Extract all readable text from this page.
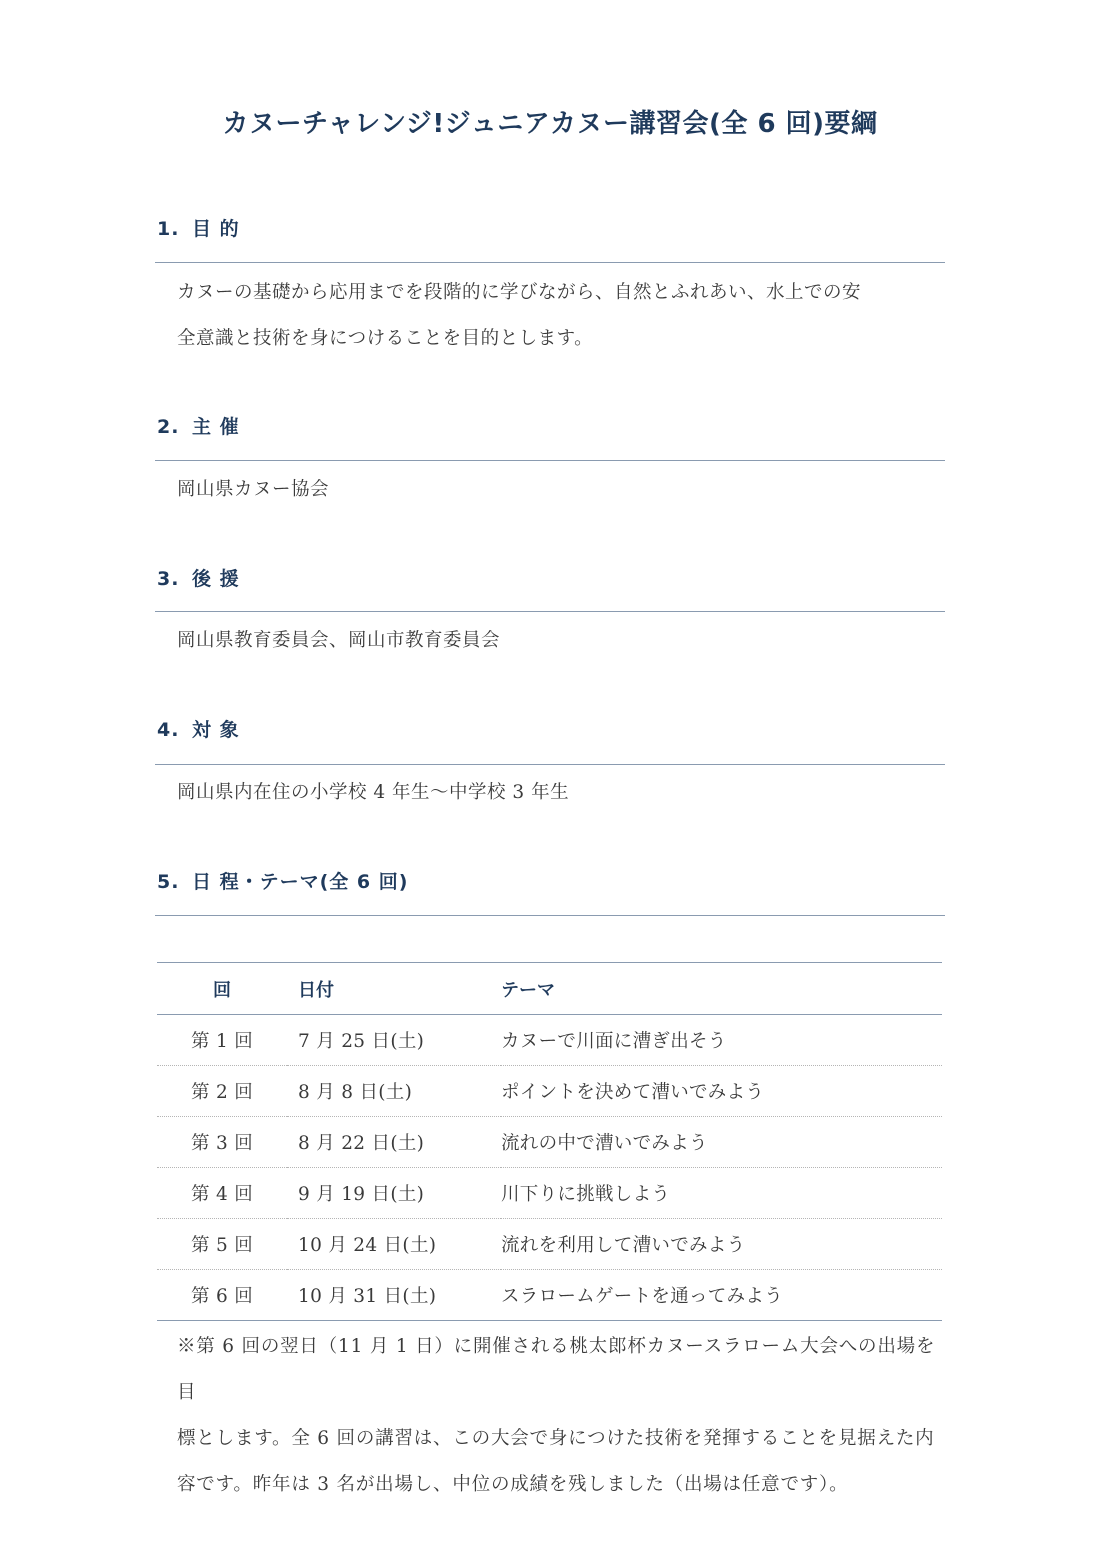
カヌーチャレンジ!ジュニアカヌー講習会(全 6 回)要綱
1. 目 的
カヌーの基礎から応用までを段階的に学びながら、自然とふれあい、水上での安
全意識と技術を身につけることを目的とします。
2. 主 催
岡山県カヌー協会
3. 後 援
岡山県教育委員会、岡山市教育委員会
4. 対 象
岡山県内在住の小学校 4 年生〜中学校 3 年生
5. 日 程・テーマ(全 6 回)
回	日付	テーマ
第 1 回	7 月 25 日(土)	カヌーで川面に漕ぎ出そう
第 2 回	8 月 8 日(土)	ポイントを決めて漕いでみよう
第 3 回	8 月 22 日(土)	流れの中で漕いでみよう
第 4 回	9 月 19 日(土)	川下りに挑戦しよう
第 5 回	10 月 24 日(土)	流れを利用して漕いでみよう
第 6 回	10 月 31 日(土)	スラロームゲートを通ってみよう
※第 6 回の翌日（11 月 1 日）に開催される桃太郎杯カヌースラローム大会への出場を目
標とします。全 6 回の講習は、この大会で身につけた技術を発揮することを見据えた内
容です。昨年は 3 名が出場し、中位の成績を残しました（出場は任意です）。
